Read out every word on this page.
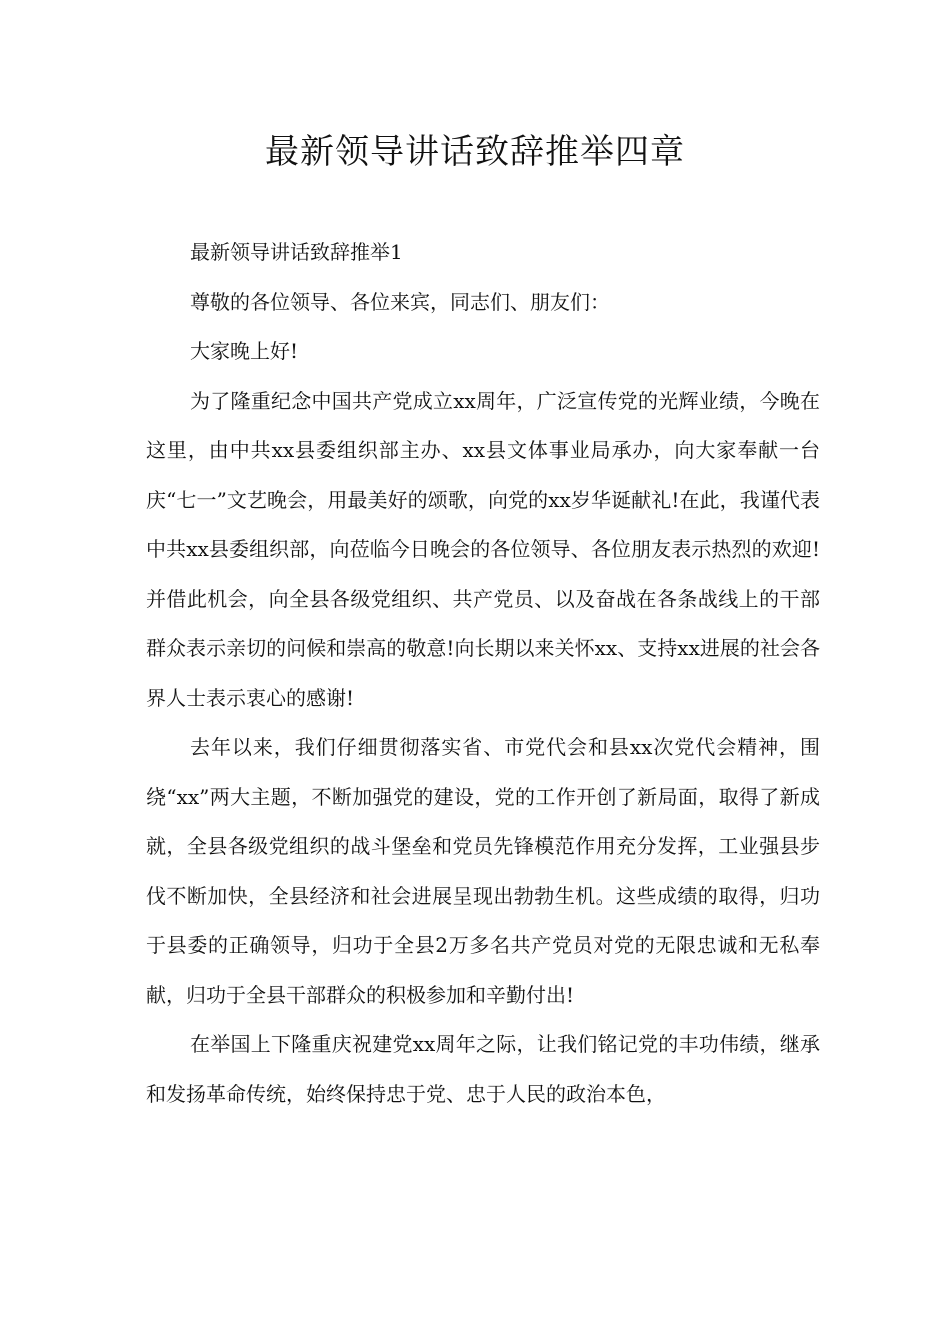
最新领导讲话致辞推举四章

最新领导讲话致辞推举1

尊敬的各位领导、各位来宾，同志们、朋友们：

大家晚上好!

为了隆重纪念中国共产党成立xx周年，广泛宣传党的光辉业绩，今晚在这里，由中共xx县委组织部主办、xx县文体事业局承办，向大家奉献一台庆“七一”文艺晚会，用最美好的颂歌，向党的xx岁华诞献礼!在此，我谨代表中共xx县委组织部，向莅临今日晚会的各位领导、各位朋友表示热烈的欢迎!并借此机会，向全县各级党组织、共产党员、以及奋战在各条战线上的干部群众表示亲切的问候和崇高的敬意!向长期以来关怀xx、支持xx进展的社会各界人士表示衷心的感谢!

去年以来，我们仔细贯彻落实省、市党代会和县xx次党代会精神，围绕“xx”两大主题，不断加强党的建设，党的工作开创了新局面，取得了新成就，全县各级党组织的战斗堡垒和党员先锋模范作用充分发挥，工业强县步伐不断加快，全县经济和社会进展呈现出勃勃生机。这些成绩的取得，归功于县委的正确领导，归功于全县2万多名共产党员对党的无限忠诚和无私奉献，归功于全县干部群众的积极参加和辛勤付出!

在举国上下隆重庆祝建党xx周年之际，让我们铭记党的丰功伟绩，继承和发扬革命传统，始终保持忠于党、忠于人民的政治本色，
